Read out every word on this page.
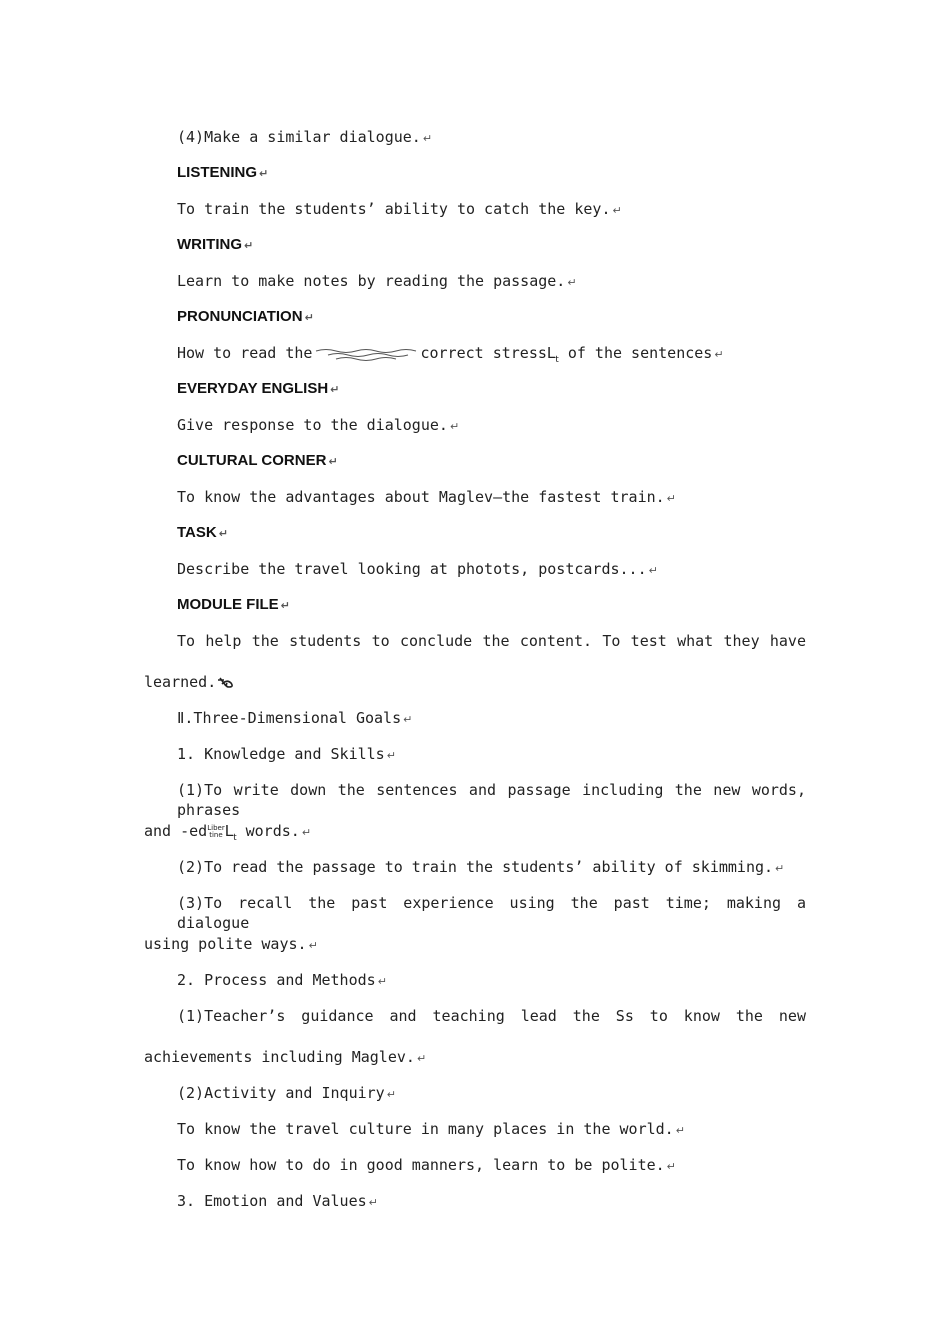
(4)Make a similar dialogue. ↵
LISTENING ↵
To train the students’ ability to catch the key. ↵
WRITING ↵
Learn to make notes by reading the passage. ↵
PRONUNCIATION ↵
How to read the	correct stressL$_t$ of the sentences ↵
EVERYDAY ENGLISH ↵
Give response to the dialogue. ↵
CULTURAL CORNER ↵
To know the advantages about Maglev—the fastest train. ↵
TASK ↵
Describe the travel looking at photots, postcards... ↵
MODULE FILE ↵
To help the students to conclude the content. To test what they have
learned.
Ⅱ.Three-Dimensional Goals ↵
1. Knowledge and Skills ↵
(1)To write down the sentences and passage including the new words, phrases
and -edLiber
tine $L_t$ words. ↵
(2)To read the passage to train the students’ ability of skimming. ↵
(3)To recall the past experience using the past time; making a dialogue
using polite ways. ↵
2. Process and Methods ↵
(1)Teacher’s guidance and teaching lead the Ss to know the new
achievements including Maglev. ↵
(2)Activity and Inquiry ↵
To know the travel culture in many places in the world. ↵
To know how to do in good manners, learn to be polite. ↵
3. Emotion and Values ↵
